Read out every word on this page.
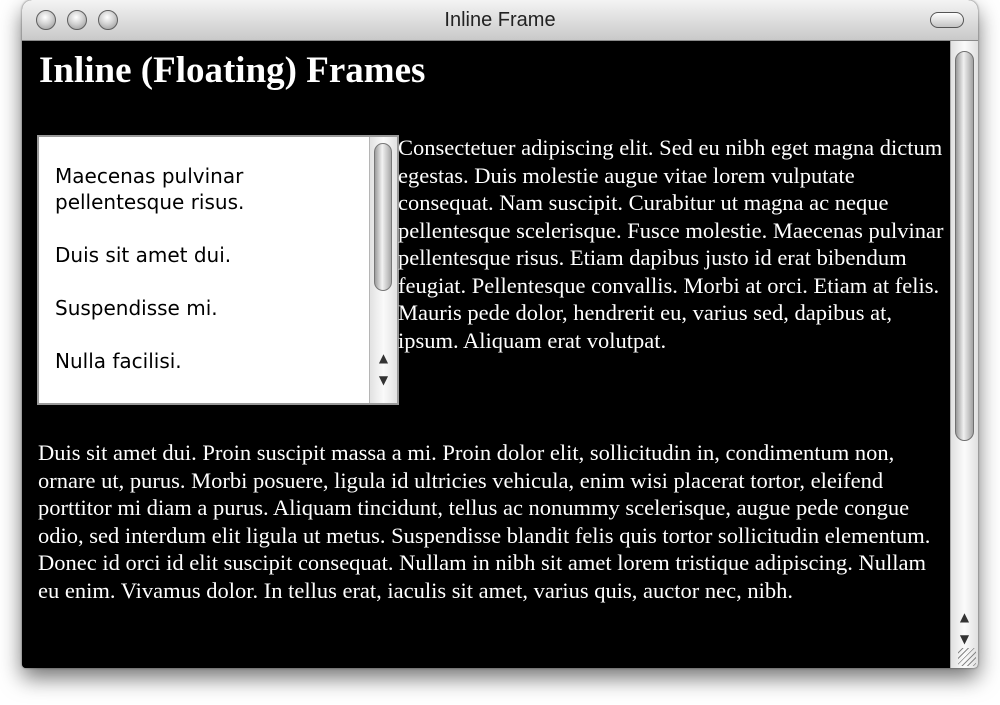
Inline Frame
Inline (Floating) Frames

Maecenas pulvinar pellentesque risus.

Duis sit amet dui.

Suspendisse mi.

Nulla facilisi.	▲
▼

Consectetuer adipiscing elit. Sed eu nibh eget magna dictum egestas. Duis molestie augue vitae lorem vulputate consequat. Nam suscipit. Curabitur ut magna ac neque pellentesque scelerisque. Fusce molestie. Maecenas pulvinar pellentesque risus. Etiam dapibus justo id erat bibendum feugiat. Pellentesque convallis. Morbi at orci. Etiam at felis. Mauris pede dolor, hendrerit eu, varius sed, dapibus at, ipsum. Aliquam erat volutpat.

Duis sit amet dui. Proin suscipit massa a mi. Proin dolor elit, sollicitudin in, condimentum non, ornare ut, purus. Morbi posuere, ligula id ultricies vehicula, enim wisi placerat tortor, eleifend porttitor mi diam a purus. Aliquam tincidunt, tellus ac nonummy scelerisque, augue pede congue odio, sed interdum elit ligula ut metus. Suspendisse blandit felis quis tortor sollicitudin elementum. Donec id orci id elit suscipit consequat. Nullam in nibh sit amet lorem tristique adipiscing. Nullam eu enim. Vivamus dolor. In tellus erat, iaculis sit amet, varius quis, auctor nec, nibh.

▲
▼
